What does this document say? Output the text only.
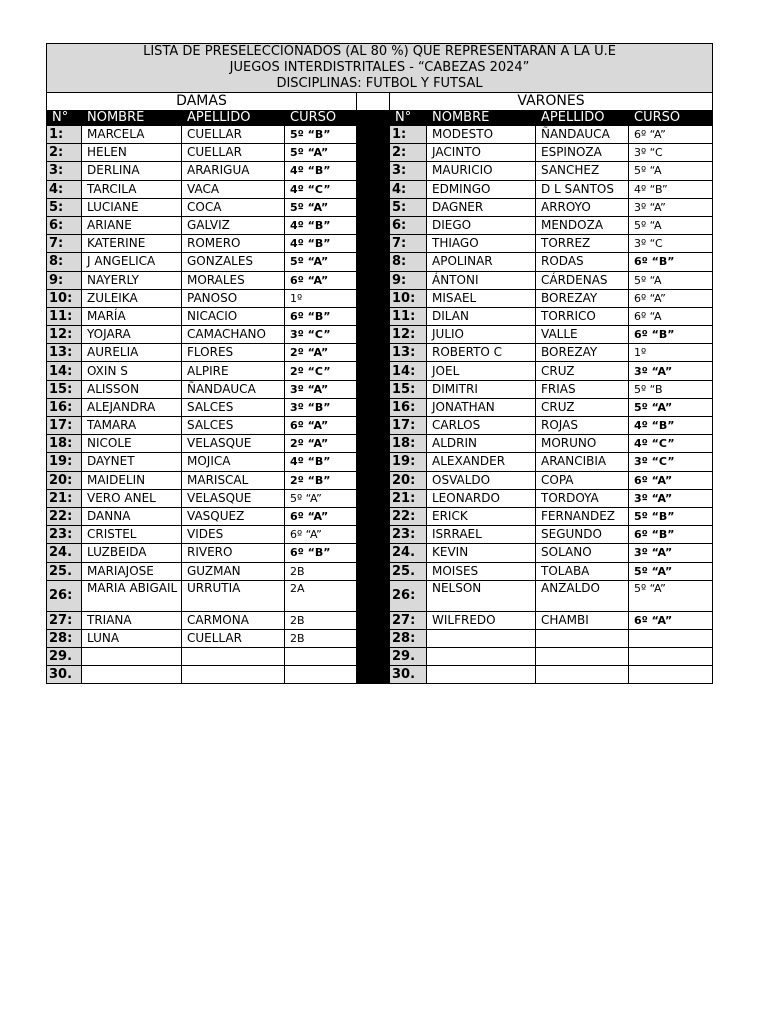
LISTA DE PRESELECCIONADOS (AL 80 %) QUE REPRESENTARÁN A LA U.E
JUEGOS INTERDISTRITALES - “CABEZAS 2024”
DISCIPLINAS: FUTBOL Y FUTSAL								

DAMAS					VARONES			
N°	NOMBRE	APELLIDO	CURSO		N°	NOMBRE	APELLIDO	CURSO
1:	MARCELA	CUELLAR	5º “B”		1:	MODESTO	ÑANDAUCA	6º “A”
2:	HELEN	CUELLAR	5º “A”		2:	JACINTO	ESPINOZA	3º “C
3:	DERLINA	ARARIGUA	4º “B”		3:	MAURICIO	SANCHEZ	5º “A
4:	TARCILA	VACA	4º “C”		4:	EDMINGO	D L SANTOS	4º “B”
5:	LUCIANE	COCA	5º “A”		5:	DAGNER	ARROYO	3º “A”
6:	ARIANE	GALVIZ	4º “B”		6:	DIEGO	MENDOZA	5º “A
7:	KATERINE	ROMERO	4º “B”		7:	THIAGO	TORREZ	3º “C
8:	J ANGELICA	GONZALES	5º “A”		8:	APOLINAR	RODAS	6º “B”
9:	NAYERLY	MORALES	6º “A”		9:	ÁNTONI	CÁRDENAS	5º “A
10:	ZULEIKA	PANOSO	1º		10:	MISAEL	BOREZAY	6º “A”
11:	MARÍA	NICACIO	6º “B”		11:	DILAN	TORRICO	6º “A
12:	YOJARA	CAMACHANO	3º “C”		12:	JULIO	VALLE	6º “B”
13:	AURELIA	FLORES	2º “A”		13:	ROBERTO C	BOREZAY	1º
14:	OXIN S	ALPIRE	2º “C”		14:	JOEL	CRUZ	3º “A”
15:	ALISSON	ÑANDAUCA	3º “A”		15:	DIMITRI	FRIAS	5º “B
16:	ALEJANDRA	SALCES	3º “B”		16:	JONATHAN	CRUZ	5º “A”
17:	TAMARA	SALCES	6º “A”		17:	CARLOS	ROJAS	4º “B”
18:	NICOLE	VELASQUE	2º “A”		18:	ALDRIN	MORUNO	4º “C”
19:	DAYNET	MOJICA	4º “B”		19:	ALEXANDER	ARANCIBIA	3º “C”
20:	MAIDELIN	MARISCAL	2º “B”		20:	OSVALDO	COPA	6º “A”
21:	VERO ANEL	VELASQUE	5º “A”		21:	LEONARDO	TORDOYA	3º “A”
22:	DANNA	VASQUEZ	6º “A”		22:	ERICK	FERNANDEZ	5º “B”
23:	CRISTEL	VIDES	6º “A”		23:	ISRRAEL	SEGUNDO	6º “B”
24.	LUZBEIDA	RIVERO	6º “B”		24.	KEVIN	SOLANO	3º “A”
25.	MARIAJOSE	GUZMAN	2B		25.	MOISES	TOLABA	5º “A”
26:	MARIA ABIGAIL	URRUTIA	2A		26:	NELSON	ANZALDO	5º “A”
27:	TRIANA	CARMONA	2B		27:	WILFREDO	CHAMBI	6º “A”
28:	LUNA	CUELLAR	2B		28:			
29.					29.			
30.					30.			
